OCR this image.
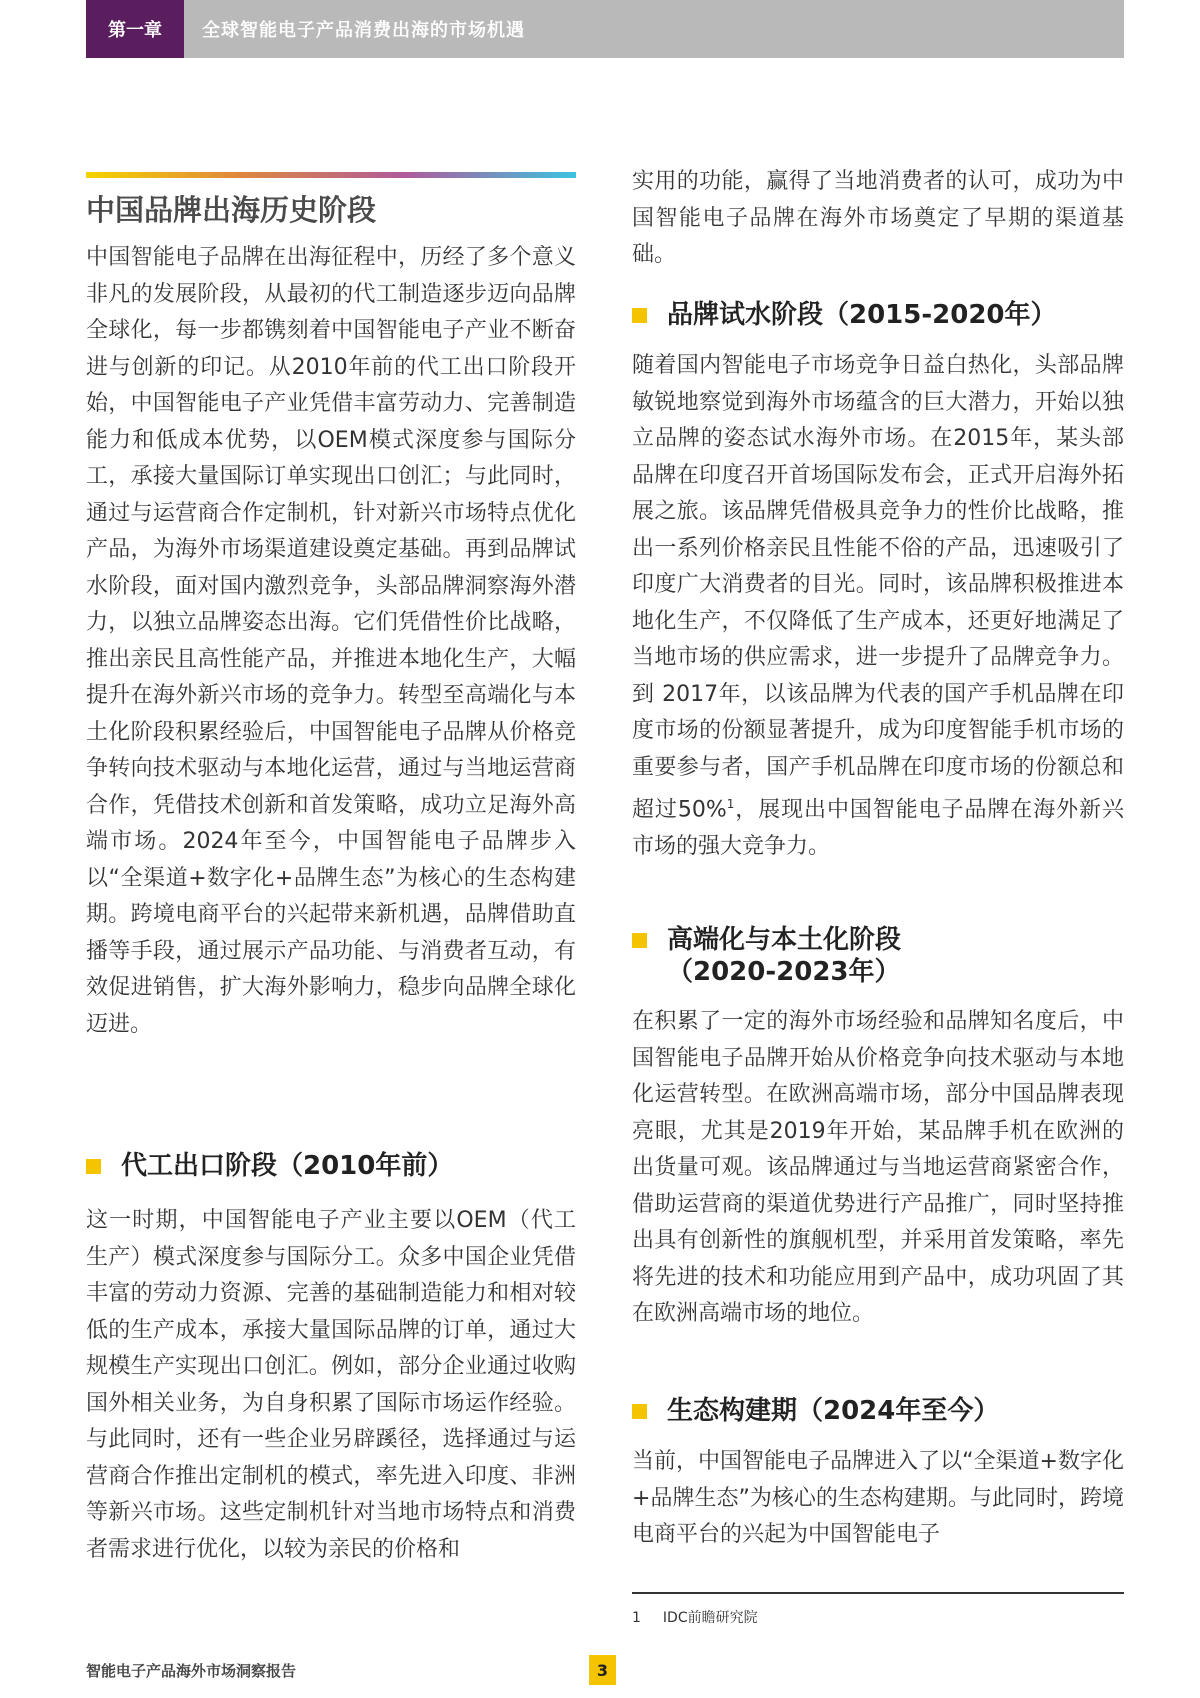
第一章	全球智能电子产品消费出海的市场机遇
中国品牌出海历史阶段

中国智能电子品牌在出海征程中，历经了多个意义非凡的发展阶段，从最初的代工制造逐步迈向品牌全球化，每一步都镌刻着中国智能电子产业不断奋进与创新的印记。从2010年前的代工出口阶段开始，中国智能电子产业凭借丰富劳动力、完善制造能力和低成本优势，以OEM模式深度参与国际分工，承接大量国际订单实现出口创汇；与此同时，通过与运营商合作定制机，针对新兴市场特点优化产品，为海外市场渠道建设奠定基础。再到品牌试水阶段，面对国内激烈竞争，头部品牌洞察海外潜力，以独立品牌姿态出海。它们凭借性价比战略，推出亲民且高性能产品，并推进本地化生产，大幅提升在海外新兴市场的竞争力。转型至高端化与本土化阶段积累经验后，中国智能电子品牌从价格竞争转向技术驱动与本地化运营，通过与当地运营商合作，凭借技术创新和首发策略，成功立足海外高端市场。2024年至今，中国智能电子品牌步入以“全渠道+数字化+品牌生态”为核心的生态构建期。跨境电商平台的兴起带来新机遇，品牌借助直播等手段，通过展示产品功能、与消费者互动，有效促进销售，扩大海外影响力，稳步向品牌全球化迈进。

代工出口阶段（2010年前）

这一时期，中国智能电子产业主要以OEM（代工生产）模式深度参与国际分工。众多中国企业凭借丰富的劳动力资源、完善的基础制造能力和相对较低的生产成本，承接大量国际品牌的订单，通过大规模生产实现出口创汇。例如，部分企业通过收购国外相关业务，为自身积累了国际市场运作经验。与此同时，还有一些企业另辟蹊径，选择通过与运营商合作推出定制机的模式，率先进入印度、非洲等新兴市场。这些定制机针对当地市场特点和消费者需求进行优化，以较为亲民的价格和

实用的功能，赢得了当地消费者的认可，成功为中国智能电子品牌在海外市场奠定了早期的渠道基础。

品牌试水阶段（2015-2020年）

随着国内智能电子市场竞争日益白热化，头部品牌敏锐地察觉到海外市场蕴含的巨大潜力，开始以独立品牌的姿态试水海外市场。在2015年，某头部品牌在印度召开首场国际发布会，正式开启海外拓展之旅。该品牌凭借极具竞争力的性价比战略，推出一系列价格亲民且性能不俗的产品，迅速吸引了印度广大消费者的目光。同时，该品牌积极推进本地化生产，不仅降低了生产成本，还更好地满足了当地市场的供应需求，进一步提升了品牌竞争力。到 2017年，以该品牌为代表的国产手机品牌在印度市场的份额显著提升，成为印度智能手机市场的重要参与者，国产手机品牌在印度市场的份额总和超过50%$^1$，展现出中国智能电子品牌在海外新兴市场的强大竞争力。

高端化与本土化阶段
（2020-2023年）

在积累了一定的海外市场经验和品牌知名度后，中国智能电子品牌开始从价格竞争向技术驱动与本地化运营转型。在欧洲高端市场，部分中国品牌表现亮眼，尤其是2019年开始，某品牌手机在欧洲的出货量可观。该品牌通过与当地运营商紧密合作，借助运营商的渠道优势进行产品推广，同时坚持推出具有创新性的旗舰机型，并采用首发策略，率先将先进的技术和功能应用到产品中，成功巩固了其在欧洲高端市场的地位。

生态构建期（2024年至今）

当前，中国智能电子品牌进入了以“全渠道+数字化+品牌生态”为核心的生态构建期。与此同时，跨境电商平台的兴起为中国智能电子

1 IDC前瞻研究院
智能电子产品海外市场洞察报告	3
